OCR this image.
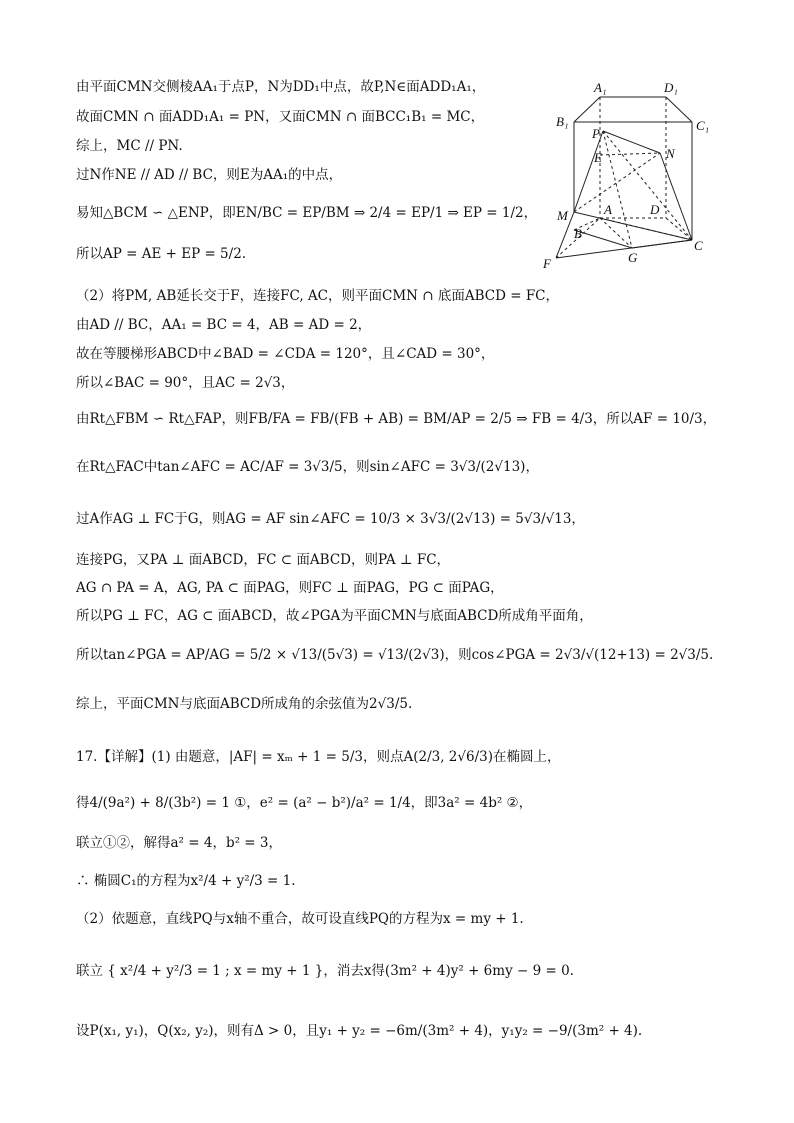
由平面CMN交侧棱AA₁于点P，N为DD₁中点，故P,N∈面ADD₁A₁，
故面CMN ∩ 面ADD₁A₁ = PN，又面CMN ∩ 面BCC₁B₁ = MC，
综上，MC // PN.
过N作NE // AD // BC，则E为AA₁的中点，
易知△BCM ∽ △ENP，即EN/BC = EP/BM ⇒ 2/4 = EP/1 ⇒ EP = 1/2，
所以AP = AE + EP = 5/2.
（2）将PM, AB延长交于F，连接FC, AC，则平面CMN ∩ 底面ABCD = FC，
由AD // BC，AA₁ = BC = 4，AB = AD = 2，
故在等腰梯形ABCD中∠BAD = ∠CDA = 120°，且∠CAD = 30°，
所以∠BAC = 90°，且AC = 2√3，
由Rt△FBM ∽ Rt△FAP，则FB/FA = FB/(FB + AB) = BM/AP = 2/5 ⇒ FB = 4/3，所以AF = 10/3，
在Rt△FAC中tan∠AFC = AC/AF = 3√3/5，则sin∠AFC = 3√3/(2√13)，
过A作AG ⊥ FC于G，则AG = AF sin∠AFC = 10/3 × 3√3/(2√13) = 5√3/√13，
连接PG，又PA ⊥ 面ABCD，FC ⊂ 面ABCD，则PA ⊥ FC，
AG ∩ PA = A，AG, PA ⊂ 面PAG，则FC ⊥ 面PAG，PG ⊂ 面PAG，
所以PG ⊥ FC，AG ⊂ 面ABCD，故∠PGA为平面CMN与底面ABCD所成角平面角，
所以tan∠PGA = AP/AG = 5/2 × √13/(5√3) = √13/(2√3)，则cos∠PGA = 2√3/√(12+13) = 2√3/5.
综上，平面CMN与底面ABCD所成角的余弦值为2√3/5.
17.【详解】(1) 由题意，|AF| = xₘ + 1 = 5/3，则点A(2/3, 2√6/3)在椭圆上，
得4/(9a²) + 8/(3b²) = 1 ①，e² = (a² − b²)/a² = 1/4，即3a² = 4b² ②，
联立①②，解得a² = 4，b² = 3，
∴ 椭圆C₁的方程为x²/4 + y²/3 = 1.
（2）依题意，直线PQ与x轴不重合，故可设直线PQ的方程为x = my + 1.
联立 { x²/4 + y²/3 = 1 ; x = my + 1 }，消去x得(3m² + 4)y² + 6my − 9 = 0.
设P(x₁, y₁)，Q(x₂, y₂)，则有Δ > 0，且y₁ + y₂ = −6m/(3m² + 4)，y₁y₂ = −9/(3m² + 4).
A₁	D₁
B₁	C₁
P
E	N
M	A	D
B
C
F	G
